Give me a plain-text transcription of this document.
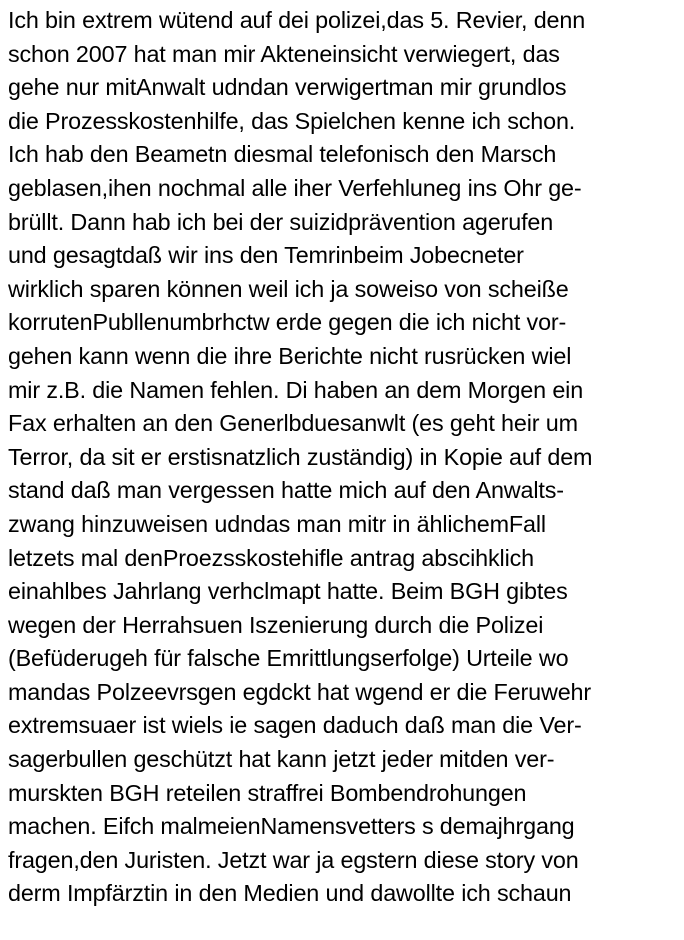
Ich bin extrem wütend auf dei polizei,das 5. Revier, denn
schon 2007 hat man mir Akteneinsicht verwiegert, das
gehe nur mitAnwalt udndan verwigertman mir grundlos
die Prozesskostenhilfe, das Spielchen kenne ich schon.
Ich hab den Beametn diesmal telefonisch den Marsch
geblasen,ihen nochmal alle iher Verfehluneg ins Ohr ge-
brüllt. Dann hab ich bei der suizidprävention agerufen
und gesagtdaß wir ins den Temrinbeim Jobecneter
wirklich sparen können weil ich ja soweiso von scheiße
korrutenPubllenumbrhctw erde gegen die ich nicht vor-
gehen kann wenn die ihre Berichte nicht rusrücken wiel
mir z.B. die Namen fehlen. Di haben an dem Morgen ein
Fax erhalten an den Generlbduesanwlt (es geht heir um
Terror, da sit er erstisnatzlich zuständig) in Kopie auf dem
stand daß man vergessen hatte mich auf den Anwalts-
zwang hinzuweisen udndas man mitr in ählichemFall
letzets mal denProezsskostehifle antrag abscihklich
einahlbes Jahrlang verhclmapt hatte. Beim BGH gibtes
wegen der Herrahsuen Iszenierung durch die Polizei
(Befüderugeh für falsche Emrittlungserfolge) Urteile wo
mandas Polzeevrsgen egdckt hat wgend er die Feruwehr
extremsuaer ist wiels ie sagen daduch daß man die Ver-
sagerbullen geschützt hat kann jetzt jeder mitden ver-
murskten BGH reteilen straffrei Bombendrohungen
machen. Eifch malmeienNamensvetters s demajhrgang
fragen,den Juristen. Jetzt war ja egstern diese story von
derm Impfärztin in den Medien und dawollte ich schaun
